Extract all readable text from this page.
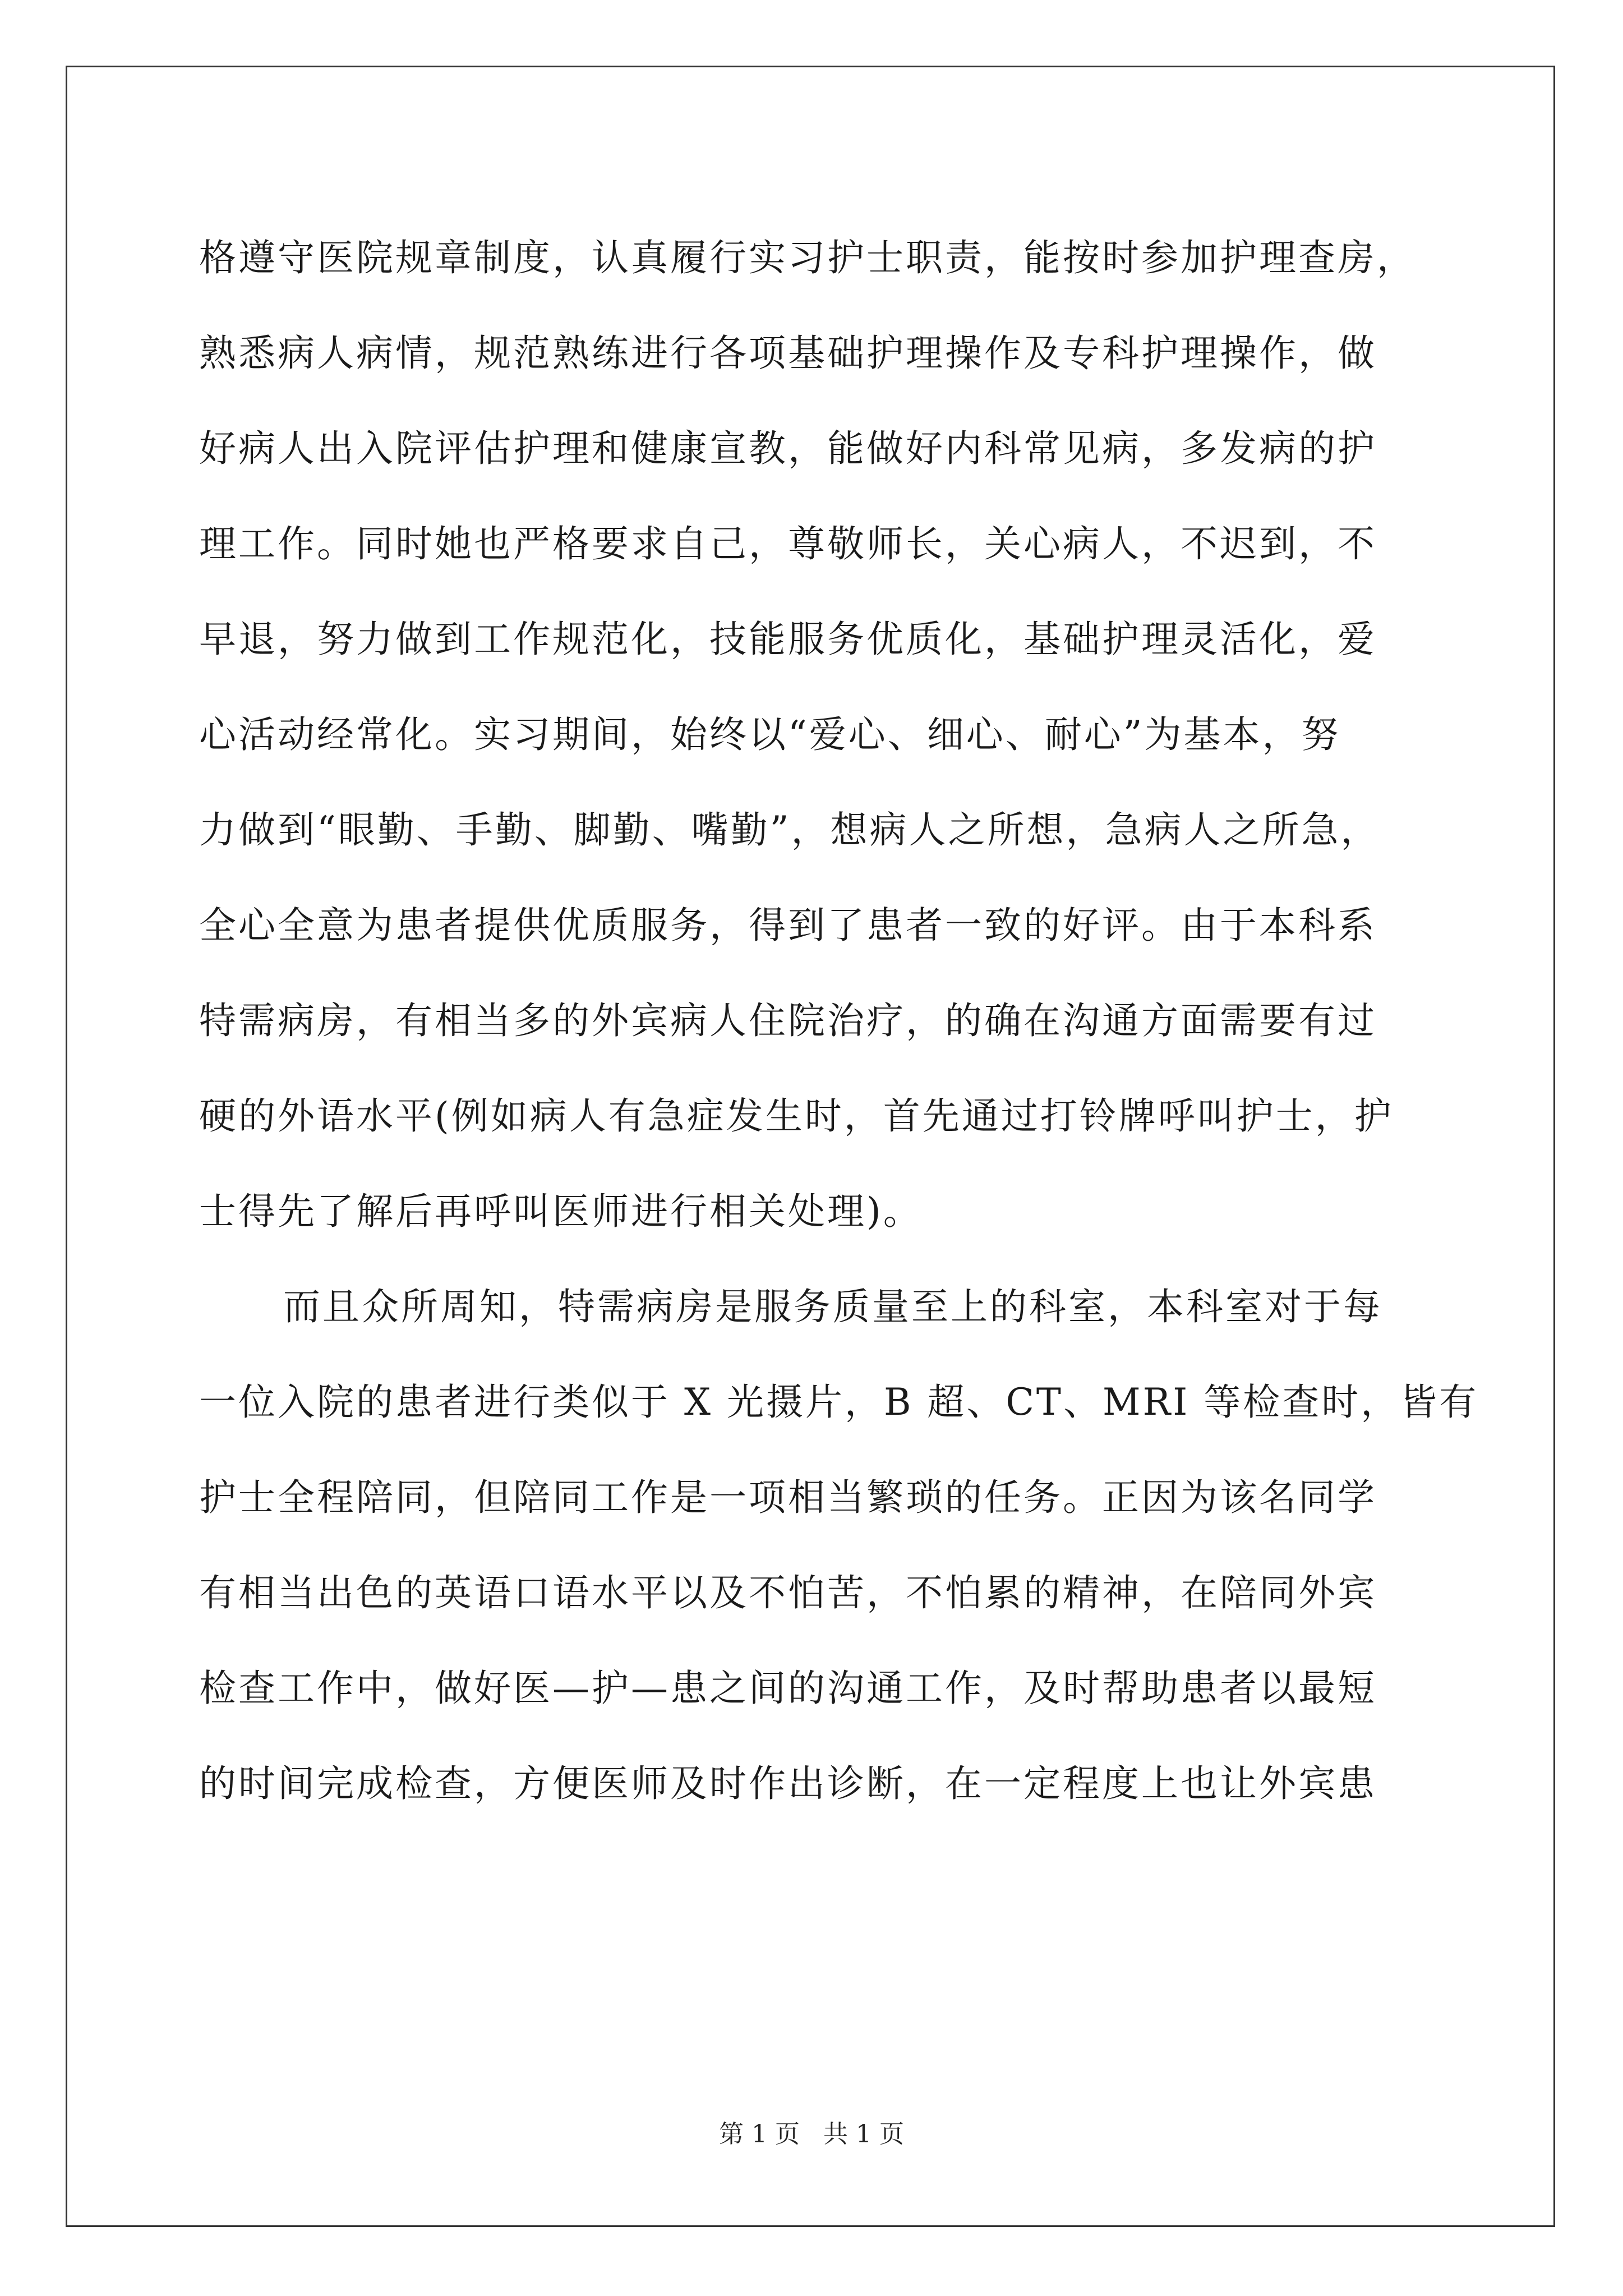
格遵守医院规章制度，认真履行实习护士职责，能按时参加护理查房，
熟悉病人病情，规范熟练进行各项基础护理操作及专科护理操作，做
好病人出入院评估护理和健康宣教，能做好内科常见病，多发病的护
理工作。同时她也严格要求自己，尊敬师长，关心病人，不迟到，不
早退，努力做到工作规范化，技能服务优质化，基础护理灵活化，爱
心活动经常化。实习期间，始终以“爱心、细心、耐心”为基本，努
力做到“眼勤、手勤、脚勤、嘴勤”，想病人之所想，急病人之所急，
全心全意为患者提供优质服务，得到了患者一致的好评。由于本科系
特需病房，有相当多的外宾病人住院治疗，的确在沟通方面需要有过
硬的外语水平(例如病人有急症发生时，首先通过打铃牌呼叫护士，护
士得先了解后再呼叫医师进行相关处理)。
而且众所周知，特需病房是服务质量至上的科室，本科室对于每
一位入院的患者进行类似于 X 光摄片，B 超、CT、MRI 等检查时，皆有
护士全程陪同，但陪同工作是一项相当繁琐的任务。正因为该名同学
有相当出色的英语口语水平以及不怕苦，不怕累的精神，在陪同外宾
检查工作中，做好医—护—患之间的沟通工作，及时帮助患者以最短
的时间完成检查，方便医师及时作出诊断，在一定程度上也让外宾患
第 1 页   共 1 页
